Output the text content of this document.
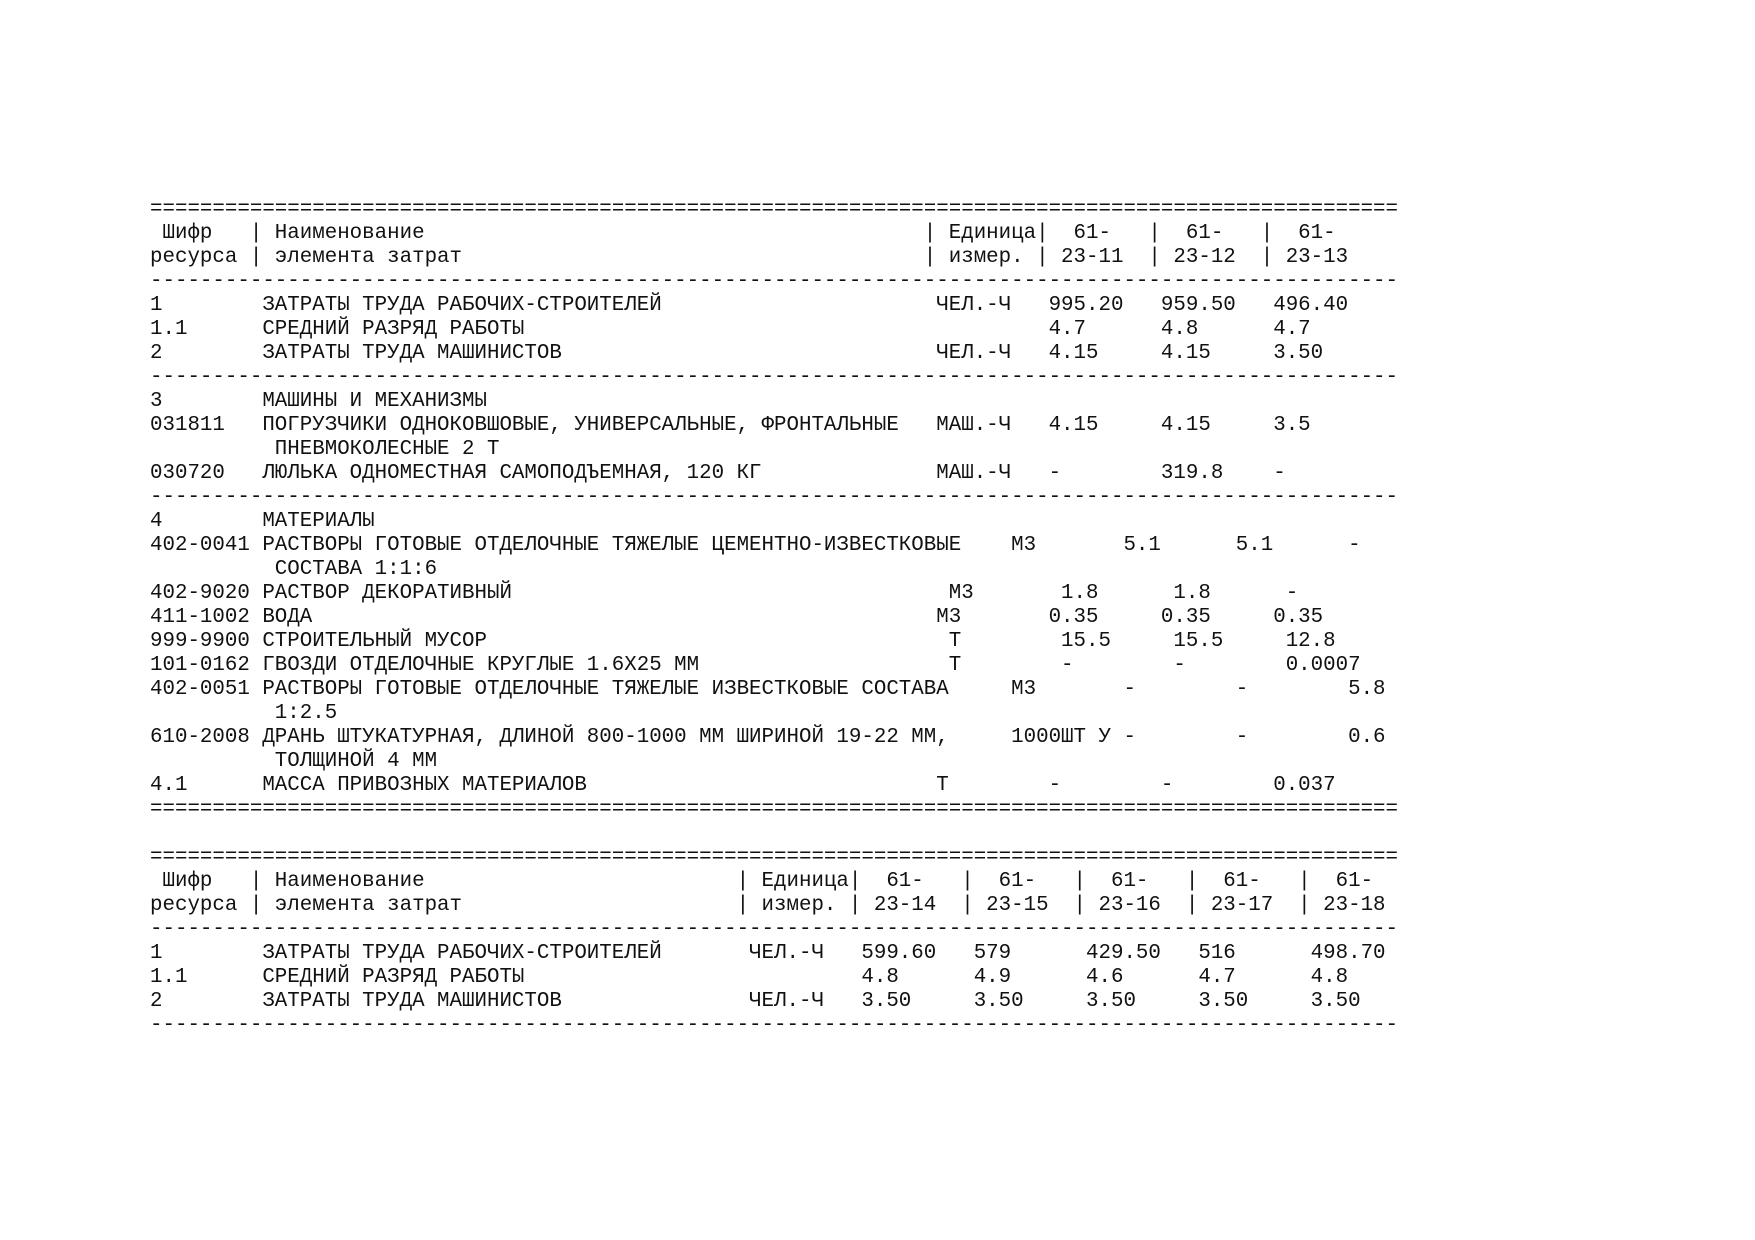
====================================================================================================
Шифр   | Наименование                                        | Единица|  61-   |  61-   |  61-
ресурса | элемента затрат                                     | измер. | 23-11  | 23-12  | 23-13
----------------------------------------------------------------------------------------------------
1        ЗАТРАТЫ ТРУДА РАБОЧИХ-СТРОИТЕЛЕЙ                      ЧЕЛ.-Ч   995.20   959.50   496.40
1.1      СРЕДНИЙ РАЗРЯД РАБОТЫ                                          4.7      4.8      4.7
2        ЗАТРАТЫ ТРУДА МАШИНИСТОВ                              ЧЕЛ.-Ч   4.15     4.15     3.50
----------------------------------------------------------------------------------------------------
3        МАШИНЫ И МЕХАНИЗМЫ
031811   ПОГРУЗЧИКИ ОДНОКОВШОВЫЕ, УНИВЕРСАЛЬНЫЕ, ФРОНТАЛЬНЫЕ   МАШ.-Ч   4.15     4.15     3.5
ПНЕВМОКОЛЕСНЫЕ 2 Т
030720   ЛЮЛЬКА ОДНОМЕСТНАЯ САМОПОДЪЕМНАЯ, 120 КГ              МАШ.-Ч   -        319.8    -
----------------------------------------------------------------------------------------------------
4        МАТЕРИАЛЫ
402-0041 РАСТВОРЫ ГОТОВЫЕ ОТДЕЛОЧНЫЕ ТЯЖЕЛЫЕ ЦЕМЕНТНО-ИЗВЕСТКОВЫЕ    М3       5.1      5.1      -
СОСТАВА 1:1:6
402-9020 РАСТВОР ДЕКОРАТИВНЫЙ                                   М3       1.8      1.8      -
411-1002 ВОДА                                                  М3       0.35     0.35     0.35
999-9900 СТРОИТЕЛЬНЫЙ МУСОР                                     Т        15.5     15.5     12.8
101-0162 ГВОЗДИ ОТДЕЛОЧНЫЕ КРУГЛЫЕ 1.6Х25 ММ                    Т        -        -        0.0007
402-0051 РАСТВОРЫ ГОТОВЫЕ ОТДЕЛОЧНЫЕ ТЯЖЕЛЫЕ ИЗВЕСТКОВЫЕ СОСТАВА     М3       -        -        5.8
1:2.5
610-2008 ДРАНЬ ШТУКАТУРНАЯ, ДЛИНОЙ 800-1000 ММ ШИРИНОЙ 19-22 ММ,     1000ШТ У -        -        0.6
ТОЛЩИНОЙ 4 ММ
4.1      МАССА ПРИВОЗНЫХ МАТЕРИАЛОВ                            Т        -        -        0.037
====================================================================================================
====================================================================================================
Шифр   | Наименование                         | Единица|  61-   |  61-   |  61-   |  61-   |  61-
ресурса | элемента затрат                      | измер. | 23-14  | 23-15  | 23-16  | 23-17  | 23-18
----------------------------------------------------------------------------------------------------
1        ЗАТРАТЫ ТРУДА РАБОЧИХ-СТРОИТЕЛЕЙ       ЧЕЛ.-Ч   599.60   579      429.50   516      498.70
1.1      СРЕДНИЙ РАЗРЯД РАБОТЫ                           4.8      4.9      4.6      4.7      4.8
2        ЗАТРАТЫ ТРУДА МАШИНИСТОВ               ЧЕЛ.-Ч   3.50     3.50     3.50     3.50     3.50
----------------------------------------------------------------------------------------------------
